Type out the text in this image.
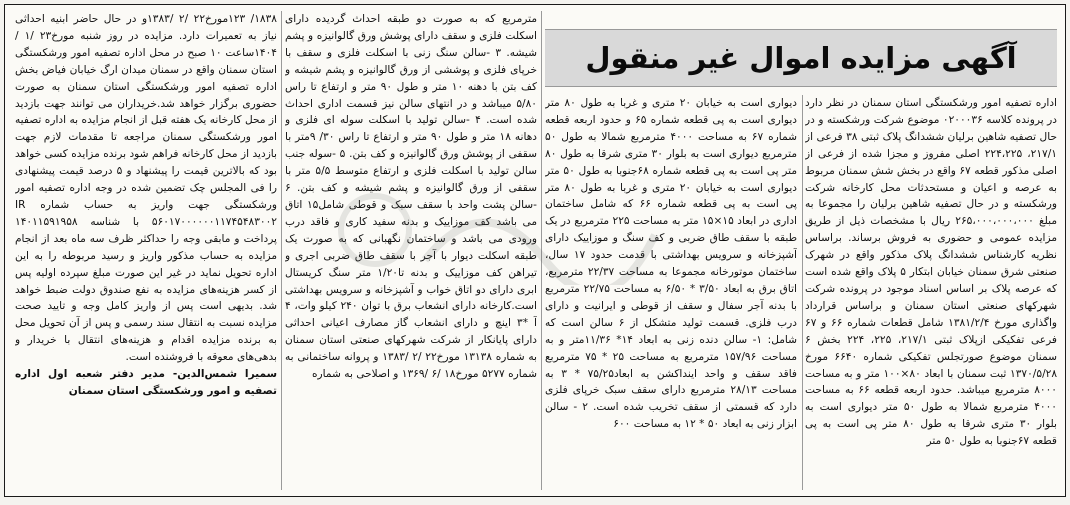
آگهی مزایده اموال غیر منقول

اداره تصفیه امور ورشکستگی استان سمنان در نظر دارد در پرونده کلاسه ۰۲۰۰۰۳۶ موضوع شرکت ورشکسته و در حال تصفیه شاهین برلیان ششدانگ پلاک ثبتی ۳۸ فرعی از ۲۱۷/۱، ۲۲۴،۲۲۵ اصلی مفروز و مجزا شده از فرعی از اصلی مذکور قطعه ۶۷ واقع در بخش شش سمنان مربوط به عرصه و اعیان و مستحدثات محل کارخانه شرکت ورشکسته و در حال تصفیه شاهین برلیان را مجموعا به مبلغ ۲۶۵،۰۰۰،۰۰۰،۰۰۰ ریال با مشخصات ذیل از طریق مزایده عمومی و حضوری به فروش برساند. براساس نظریه کارشناس ششدانگ پلاک مذکور واقع در شهرک صنعتی شرق سمنان خیابان ابتکار ۵ پلاک واقع شده است که عرصه پلاک بر اساس اسناد موجود در پرونده شرکت شهرکهای صنعتی استان سمنان و براساس قرارداد واگذاری مورخ ۱۳۸۱/۲/۴ شامل قطعات شماره ۶۶ و ۶۷ فرعی تفکیکی ازپلاک ثبتی ۲۱۷/۱، ۲۲۵، ۲۲۴ بخش ۶ سمنان موضوع صورتجلس تفکیکی شماره ۶۶۴۰ مورخ ۱۳۷۰/۵/۲۸ ثبت سمنان با ابعاد ۸۰×۱۰۰ متر و به مساحت ۸۰۰۰ مترمربع میباشد. حدود اربعه قطعه ۶۶ به مساحت ۴۰۰۰ مترمربع شمالا به طول ۵۰ متر دیواری است به بلوار ۳۰ متری شرقا به طول ۸۰ متر پی است به پی قطعه ۶۷جنوبا به طول ۵۰ متر

دیواری است به خیابان ۲۰ متری و غربا به طول ۸۰ متر دیواری است به پی قطعه شماره ۶۵ و حدود اربعه قطعه شماره ۶۷ به مساحت ۴۰۰۰ مترمربع شمالا به طول ۵۰ مترمربع دیواری است به بلوار ۳۰ متری شرقا به طول ۸۰ متر پی است به پی قطعه شماره ۶۸جنوبا به طول ۵۰ متر دیواری است به خیابان ۲۰ متری و غربا به طول ۸۰ متر پی است به پی قطعه شماره ۶۶ که شامل ساختمان اداری در ابعاد ۱۵×۱۵ متر به مساحت ۲۲۵ مترمربع در یک طبقه با سقف طاق ضربی و کف سنگ و موزاییک دارای آشپزخانه و سرویس بهداشتی با قدمت حدود ۱۷ سال، ساختمان موتورخانه مجموعا به مساحت ۲۲/۳۷ مترمربع، اتاق برق به ابعاد ۳/۵۰ * ۶/۵۰ به مساحت ۲۲/۷۵ مترمربع با بدنه آجر سفال و سقف از قوطی و ایرانیت و دارای درب فلزی. قسمت تولید متشکل از ۶ سالن است که شامل: ۱- سالن دنده زنی به ابعاد ۱۴* ۱۱/۳۶متر و به مساحت ۱۵۷/۹۶ مترمربع به مساحت ۲۵ * ۷۵ مترمربع فاقد سقف و واحد اینداکشن به ابعاد۷۵/۲۵ * ۳ به مساحت ۲۸/۱۳ مترمربع دارای سقف سبک خرپای فلزی دارد که قسمتی از سقف تخریب شده است. ۲ - سالن ابزار زنی به ابعاد ۵۰ * ۱۲ به مساحت ۶۰۰

مترمربع که به صورت دو طبقه احداث گردیده دارای اسکلت فلزی و سقف دارای پوشش ورق گالوانیزه و پشم شیشه. ۳ -سالن سنگ زنی با اسکلت فلزی و سقف با خرپای فلزی و پوششی از ورق گالوانیزه و پشم شیشه و کف بتن با دهنه ۱۰ متر و طول ۹۰ متر و ارتفاع تا راس ۵/۸۰ میباشد و در انتهای سالن نیز قسمت اداری احداث شده است. ۴ -سالن تولید با اسکلت سوله ای فلزی و دهانه ۱۸ متر و طول ۹۰ متر و ارتفاع تا راس ۳۰/ ۹متر با سقفی از پوشش ورق گالوانیزه و کف بتن. ۵ -سوله جنب سالن تولید با اسکلت فلزی و ارتفاع متوسط ۵/۵ متر با سقفی از ورق گالوانیزه و پشم شیشه و کف بتن. ۶ -سالن پشت واحد با سقف سبک و قوطی شامل۱۵ اتاق می باشد کف موزاییک و بدنه سفید کاری و فاقد درب ورودی می باشد و ساختمان نگهبانی که به صورت یک طبقه اسکلت دیوار با آجر با سقف طاق ضربی اجری و تیراهن کف موزاییک و بدنه تا۱/۲۰ متر سنگ کریستال ابری دارای دو اتاق خواب و آشپزخانه و سرویس بهداشتی است.کارخانه دارای انشعاب برق با توان ۲۴۰ کیلو وات، ۴ آ *۳ اینچ و دارای انشعاب گاز مصارف اعیانی احداثی دارای پایانکار از شرکت شهرکهای صنعتی استان سمنان به شماره ۱۳۱۳۸ مورخ۲۲ /۲ /۱۳۸۳ و پروانه ساختمانی به شماره ۵۲۷۷ مورخ۱۸ /۶ /۱۳۶۹ و اصلاحی به شماره

۱۸۳۸/ ۱۲۳مورخ۲۲ /۲ /۱۳۸۳و در حال حاضر ابنیه احداثی نیاز به تعمیرات دارد. مزایده در روز شنبه مورخ۲۳ /۱ /۱۴۰۴ساعت ۱۰ صبح در محل اداره تصفیه امور ورشکستگی استان سمنان واقع در سمنان میدان ارگ خیابان فیاض بخش اداره تصفیه امور ورشکستگی استان سمنان به صورت حضوری برگزار خواهد شد.خریداران می توانند جهت بازدید از محل کارخانه یک هفته قبل از انجام مزایده به اداره تصفیه امور ورشکستگی سمنان مراجعه تا مقدمات لازم جهت بازدید از محل کارخانه فراهم شود برنده مزایده کسی خواهد بود که بالاترین قیمت را پیشنهاد و ۵ درصد قیمت پیشنهادی را فی المجلس چک تضمین شده در وجه اداره تصفیه امور ورشکستگی جهت واریز به حساب شماره IR ۵۶۰۱۷۰۰۰۰۰۰۱۱۷۴۵۴۸۳۰۰۲ با شناسه ۱۴۰۱۱۵۹۱۹۵۸ پرداخت و مابقی وجه را حداکثر ظرف سه ماه بعد از انجام مزایده به حساب مذکور واریز و رسید مربوطه را به این اداره تحویل نماید در غیر این صورت مبلغ سپرده اولیه پس از کسر هزینه‌های مزایده به نفع صندوق دولت ضبط خواهد شد. بدیهی است پس از واریز کامل وجه و تایید صحت مزایده نسبت به انتقال سند رسمی و پس از آن تحویل محل به برنده مزایده اقدام و هزینه‌های انتقال با خریدار و بدهی‌های معوقه با فروشنده است.

سمیرا شمس‌الدین- مدیر دفتر شعبه اول اداره تصفیه و امور ورشکستگی استان سمنان
